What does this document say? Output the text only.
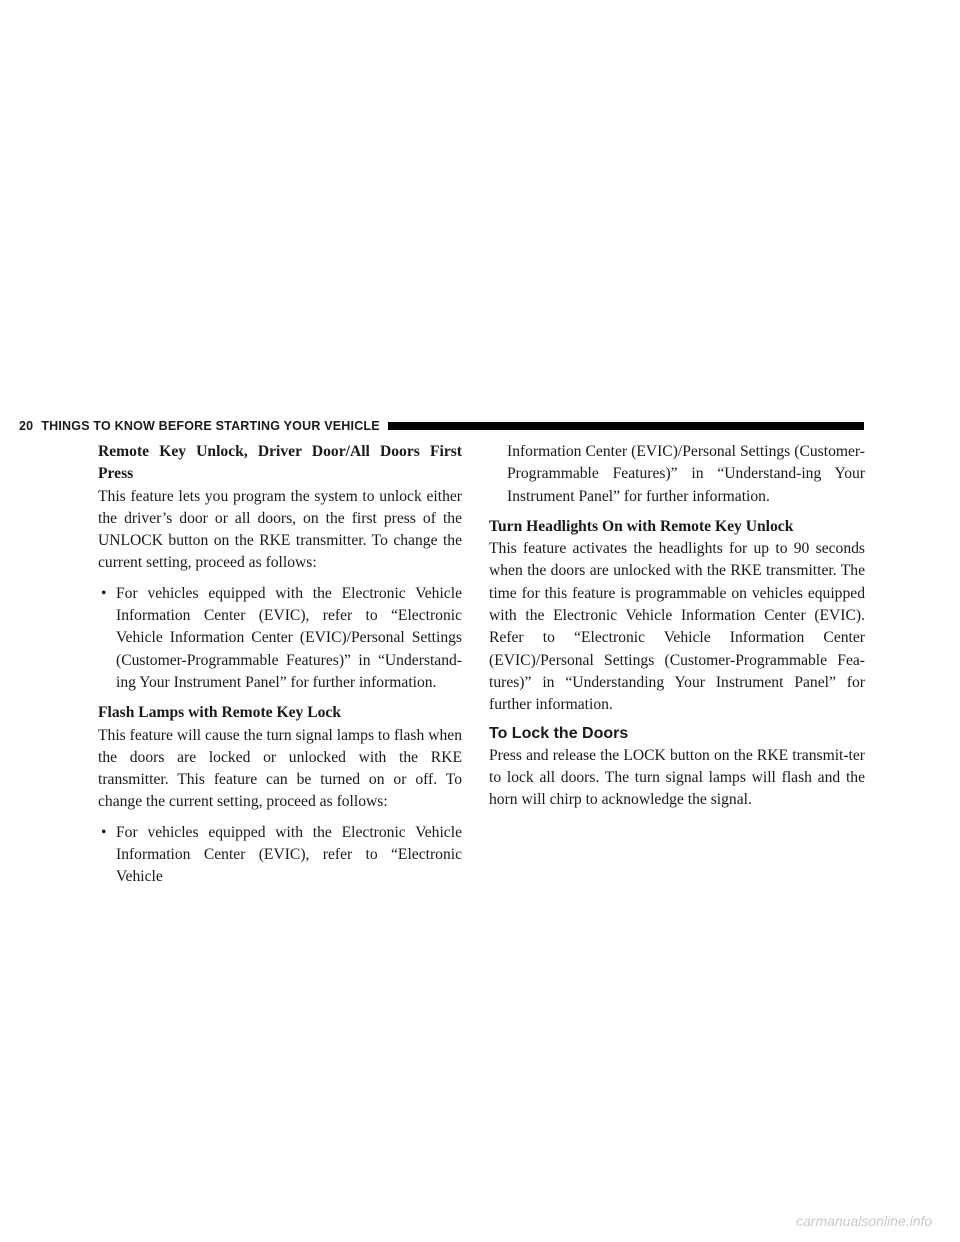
20 THINGS TO KNOW BEFORE STARTING YOUR VEHICLE

Remote Key Unlock, Driver Door/All Doors First Press

This feature lets you program the system to unlock either the driver’s door or all doors, on the first press of the UNLOCK button on the RKE transmitter. To change the current setting, proceed as follows:

• For vehicles equipped with the Electronic Vehicle Information Center (EVIC), refer to “Electronic Vehicle Information Center (EVIC)/Personal Settings (Customer-Programmable Features)” in “Understand-ing Your Instrument Panel” for further information.

Flash Lamps with Remote Key Lock

This feature will cause the turn signal lamps to flash when the doors are locked or unlocked with the RKE transmitter. This feature can be turned on or off. To change the current setting, proceed as follows:

• For vehicles equipped with the Electronic Vehicle Information Center (EVIC), refer to “Electronic Vehicle

Information Center (EVIC)/Personal Settings (Customer-Programmable Features)” in “Understand-ing Your Instrument Panel” for further information.

Turn Headlights On with Remote Key Unlock

This feature activates the headlights for up to 90 seconds when the doors are unlocked with the RKE transmitter. The time for this feature is programmable on vehicles equipped with the Electronic Vehicle Information Center (EVIC). Refer to “Electronic Vehicle Information Center (EVIC)/Personal Settings (Customer-Programmable Fea-tures)” in “Understanding Your Instrument Panel” for further information.

To Lock the Doors

Press and release the LOCK button on the RKE transmit-ter to lock all doors. The turn signal lamps will flash and the horn will chirp to acknowledge the signal.

carmanualsonline.info
